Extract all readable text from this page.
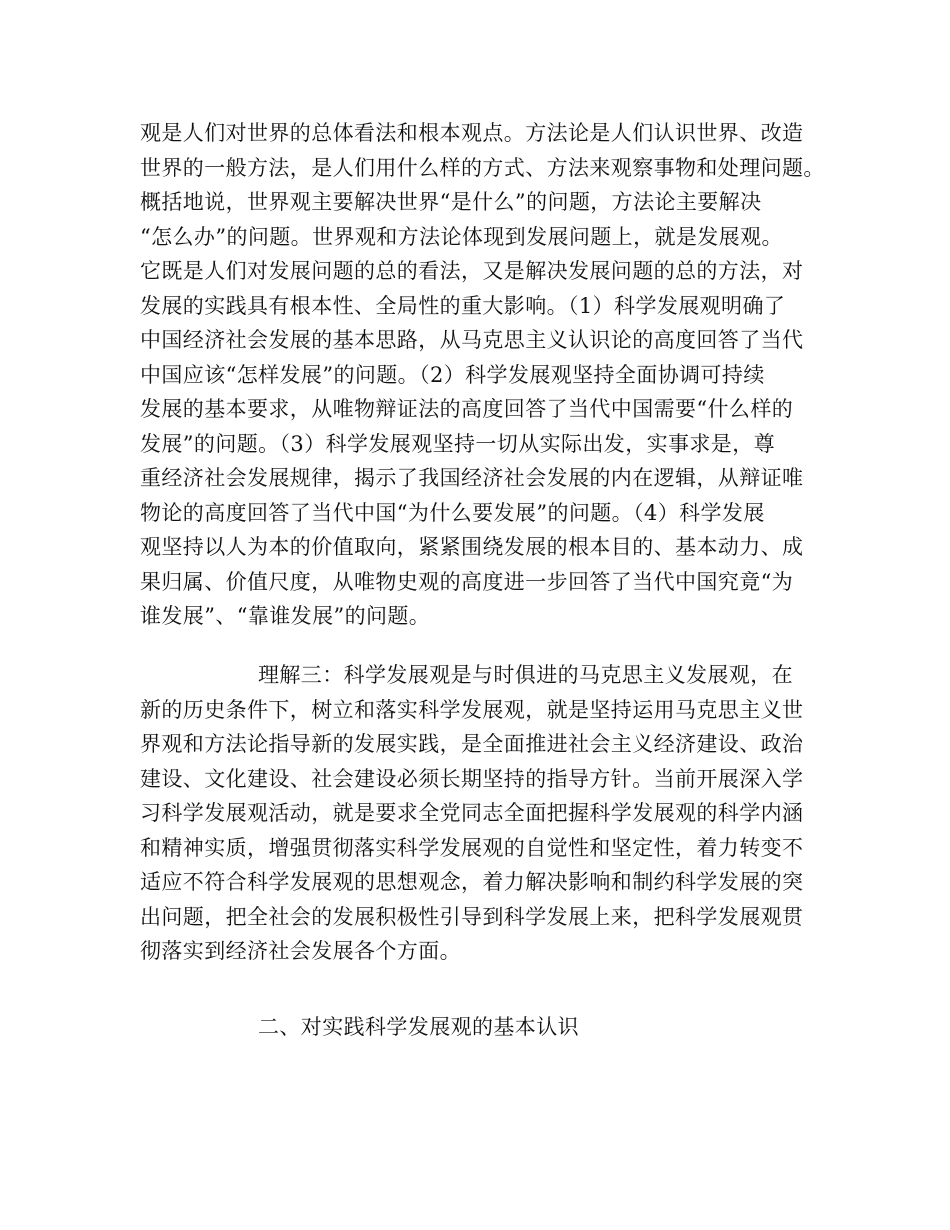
观是人们对世界的总体看法和根本观点。方法论是人们认识世界、改造
世界的一般方法，是人们用什么样的方式、方法来观察事物和处理问题。
概括地说，世界观主要解决世界“是什么”的问题，方法论主要解决
“怎么办”的问题。世界观和方法论体现到发展问题上，就是发展观。
它既是人们对发展问题的总的看法，又是解决发展问题的总的方法，对
发展的实践具有根本性、全局性的重大影响。（1）科学发展观明确了
中国经济社会发展的基本思路，从马克思主义认识论的高度回答了当代
中国应该“怎样发展”的问题。（2）科学发展观坚持全面协调可持续
发展的基本要求，从唯物辩证法的高度回答了当代中国需要“什么样的
发展”的问题。（3）科学发展观坚持一切从实际出发，实事求是，尊
重经济社会发展规律，揭示了我国经济社会发展的内在逻辑，从辩证唯
物论的高度回答了当代中国“为什么要发展”的问题。（4）科学发展
观坚持以人为本的价值取向，紧紧围绕发展的根本目的、基本动力、成
果归属、价值尺度，从唯物史观的高度进一步回答了当代中国究竟“为
谁发展”、“靠谁发展”的问题。
理解三：科学发展观是与时俱进的马克思主义发展观，在
新的历史条件下，树立和落实科学发展观，就是坚持运用马克思主义世
界观和方法论指导新的发展实践，是全面推进社会主义经济建设、政治
建设、文化建设、社会建设必须长期坚持的指导方针。当前开展深入学
习科学发展观活动，就是要求全党同志全面把握科学发展观的科学内涵
和精神实质，增强贯彻落实科学发展观的自觉性和坚定性，着力转变不
适应不符合科学发展观的思想观念，着力解决影响和制约科学发展的突
出问题，把全社会的发展积极性引导到科学发展上来，把科学发展观贯
彻落实到经济社会发展各个方面。
二、对实践科学发展观的基本认识
